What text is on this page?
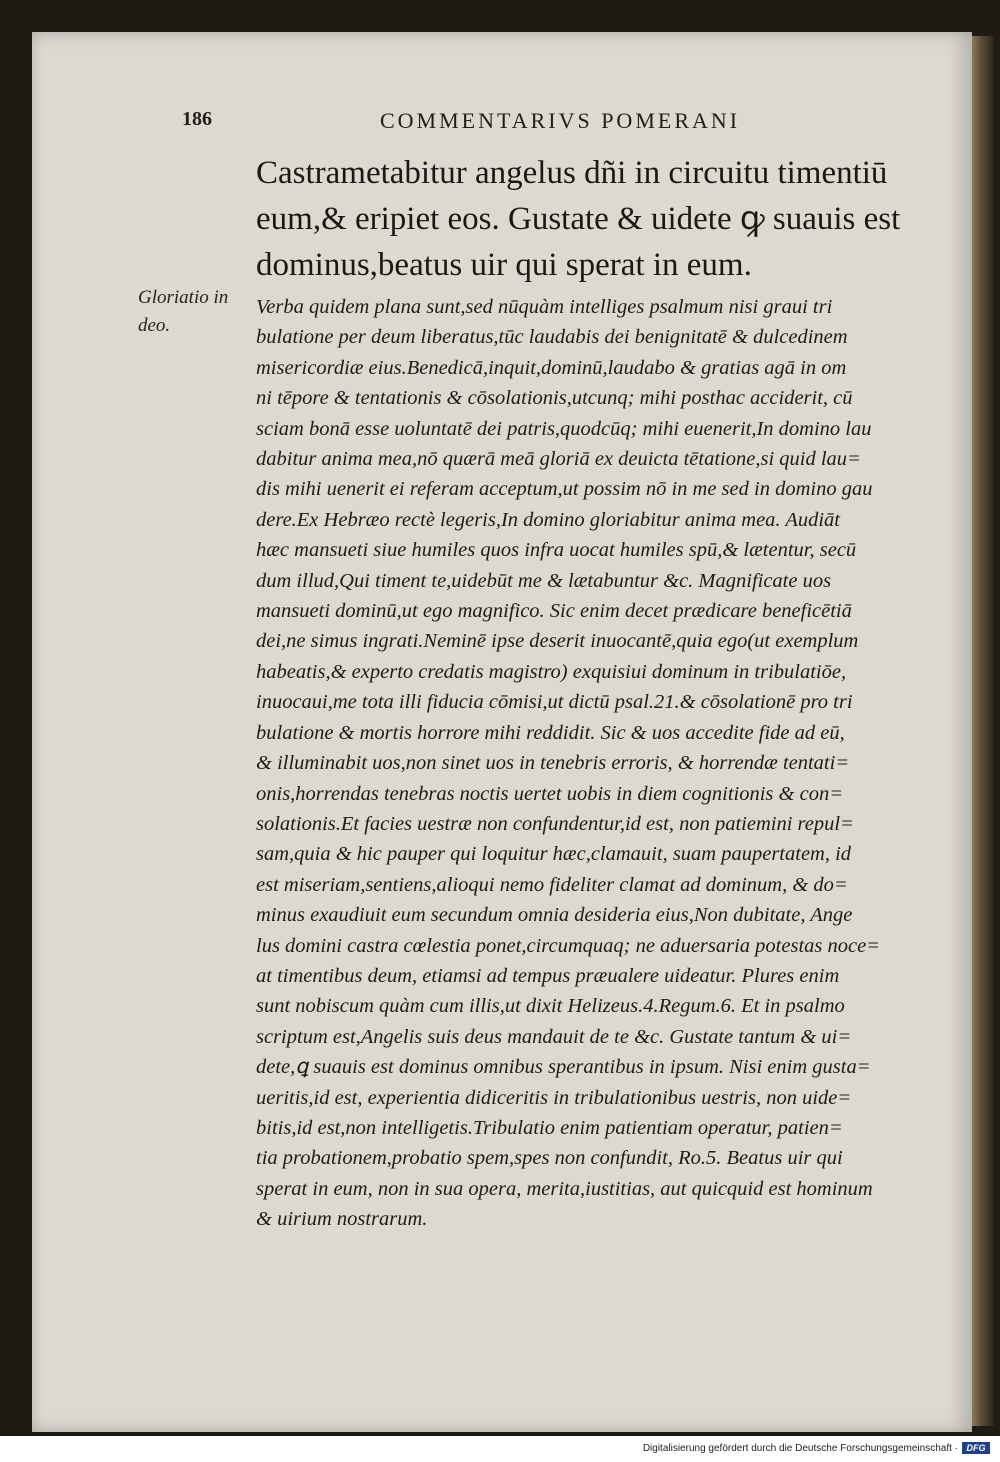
186	COMMENTARIVS POMERANI
Castrametabitur angelus dñi in circuitu timentiū
eum,& eripiet eos. Gustate & uidete ꝙ suauis est
dominus,beatus uir qui sperat in eum.
Gloriatio in
deo.
Verba quidem plana sunt,sed nūquàm intelliges psalmum nisi graui tri
bulatione per deum liberatus,tūc laudabis dei benignitatē & dulcedinem
misericordiæ eius.Benedicā,inquit,dominū,laudabo & gratias agā in om
ni tēpore & tentationis & cōsolationis,utcunq; mihi posthac acciderit, cū
sciam bonā esse uoluntatē dei patris,quodcūq; mihi euenerit,In domino lau
dabitur anima mea,nō quærā meā gloriā ex deuicta tētatione,si quid lau=
dis mihi uenerit ei referam acceptum,ut possim nō in me sed in domino gau
dere.Ex Hebræo rectè legeris,In domino gloriabitur anima mea. Audiāt
hæc mansueti siue humiles quos infra uocat humiles spū,& lætentur, secū
dum illud,Qui timent te,uidebūt me & lætabuntur &c. Magnificate uos
mansueti dominū,ut ego magnifico. Sic enim decet prædicare beneficētiā
dei,ne simus ingrati.Neminē ipse deserit inuocantē,quia ego(ut exemplum
habeatis,& experto credatis magistro) exquisiui dominum in tribulatiōe,
inuocaui,me tota illi fiducia cōmisi,ut dictū psal.21.& cōsolationē pro tri
bulatione & mortis horrore mihi reddidit. Sic & uos accedite fide ad eū,
& illuminabit uos,non sinet uos in tenebris erroris, & horrendæ tentati=
onis,horrendas tenebras noctis uertet uobis in diem cognitionis & con=
solationis.Et facies uestræ non confundentur,id est, non patiemini repul=
sam,quia & hic pauper qui loquitur hæc,clamauit, suam paupertatem, id
est miseriam,sentiens,alioqui nemo fideliter clamat ad dominum, & do=
minus exaudiuit eum secundum omnia desideria eius,Non dubitate, Ange
lus domini castra cœlestia ponet,circumquaq; ne aduersaria potestas noce=
at timentibus deum, etiamsi ad tempus præualere uideatur. Plures enim
sunt nobiscum quàm cum illis,ut dixit Helizeus.4.Regum.6. Et in psalmo
scriptum est,Angelis suis deus mandauit de te &c. Gustate tantum & ui=
dete,ꝗ suauis est dominus omnibus sperantibus in ipsum. Nisi enim gusta=
ueritis,id est, experientia didiceritis in tribulationibus uestris, non uide=
bitis,id est,non intelligetis.Tribulatio enim patientiam operatur, patien=
tia probationem,probatio spem,spes non confundit, Ro.5. Beatus uir qui
sperat in eum, non in sua opera, merita,iustitias, aut quicquid est hominum
& uirium nostrarum.
Digitalisierung gefördert durch die Deutsche Forschungsgemeinschaft · DFG
